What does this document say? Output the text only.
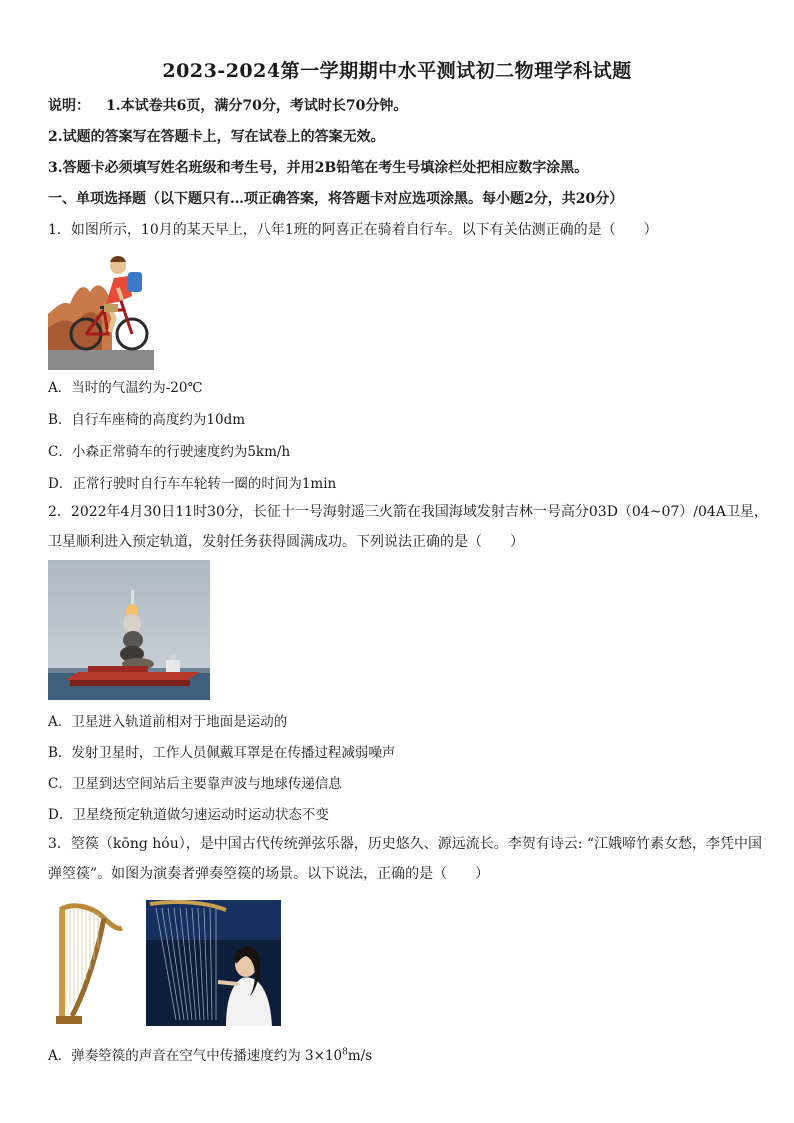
2023-2024第一学期期中水平测试初二物理学科试题
说明： 1.本试卷共6页，满分70分，考试时长70分钟。
2.试题的答案写在答题卡上，写在试卷上的答案无效。
3.答题卡必须填写姓名班级和考生号，并用2B铅笔在考生号填涂栏处把相应数字涂黑。
一、单项选择题（以下题只有…项正确答案，将答题卡对应选项涂黑。每小题2分，共20分）
1．如图所示，10月的某天早上，八年1班的阿喜正在骑着自行车。以下有关估测正确的是（　　）
A．当时的气温约为-20℃
B．自行车座椅的高度约为10dm
C．小森正常骑车的行驶速度约为5km/h
D．正常行驶时自行车车轮转一圈的时间为1min
2．2022年4月30日11时30分，长征十一号海射遥三火箭在我国海域发射吉林一号高分03D（04~07）/04A卫星，
卫星顺利进入预定轨道，发射任务获得圆满成功。下列说法正确的是（　　）
A．卫星进入轨道前相对于地面是运动的
B．发射卫星时，工作人员佩戴耳罩是在传播过程减弱噪声
C．卫星到达空间站后主要靠声波与地球传递信息
D．卫星绕预定轨道做匀速运动时运动状态不变
3．箜篌（kōng hóu），是中国古代传统弹弦乐器，历史悠久、源远流长。李贺有诗云: “江娥啼竹素女愁，李凭中国
弹箜篌”。如图为演奏者弹奏箜篌的场景。以下说法，正确的是（　　）
A．弹奏箜篌的声音在空气中传播速度约为 $3\times 10^8m/s$
